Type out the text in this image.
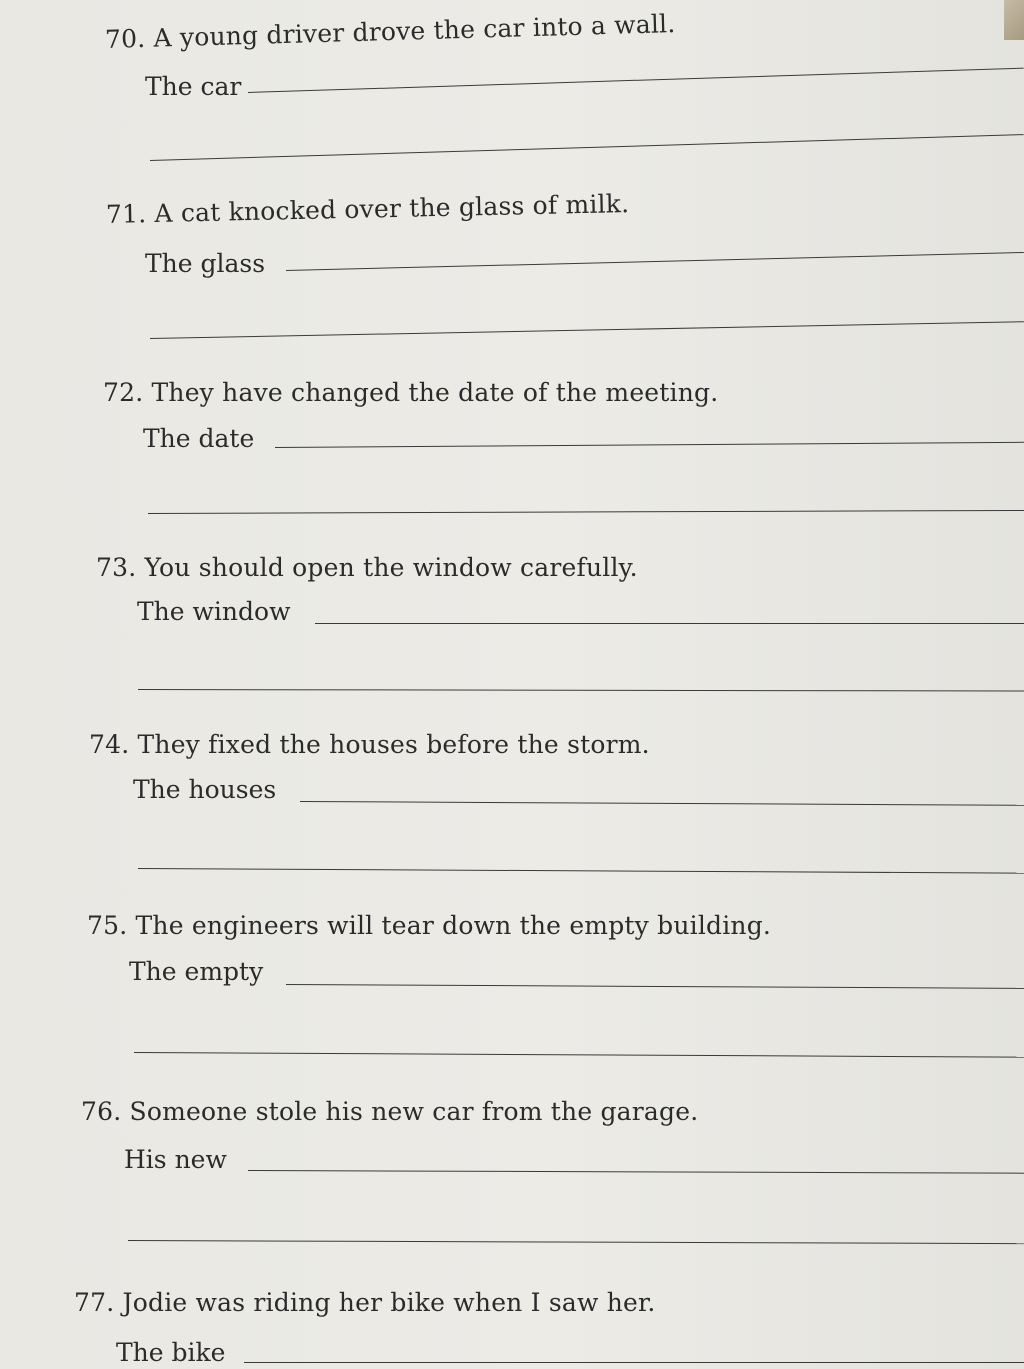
70. A young driver drove the car into a wall.
The car
71. A cat knocked over the glass of milk.
The glass
72. They have changed the date of the meeting.
The date
73. You should open the window carefully.
The window
74. They fixed the houses before the storm.
The houses
75. The engineers will tear down the empty building.
The empty
76. Someone stole his new car from the garage.
His new
77. Jodie was riding her bike when I saw her.
The bike
